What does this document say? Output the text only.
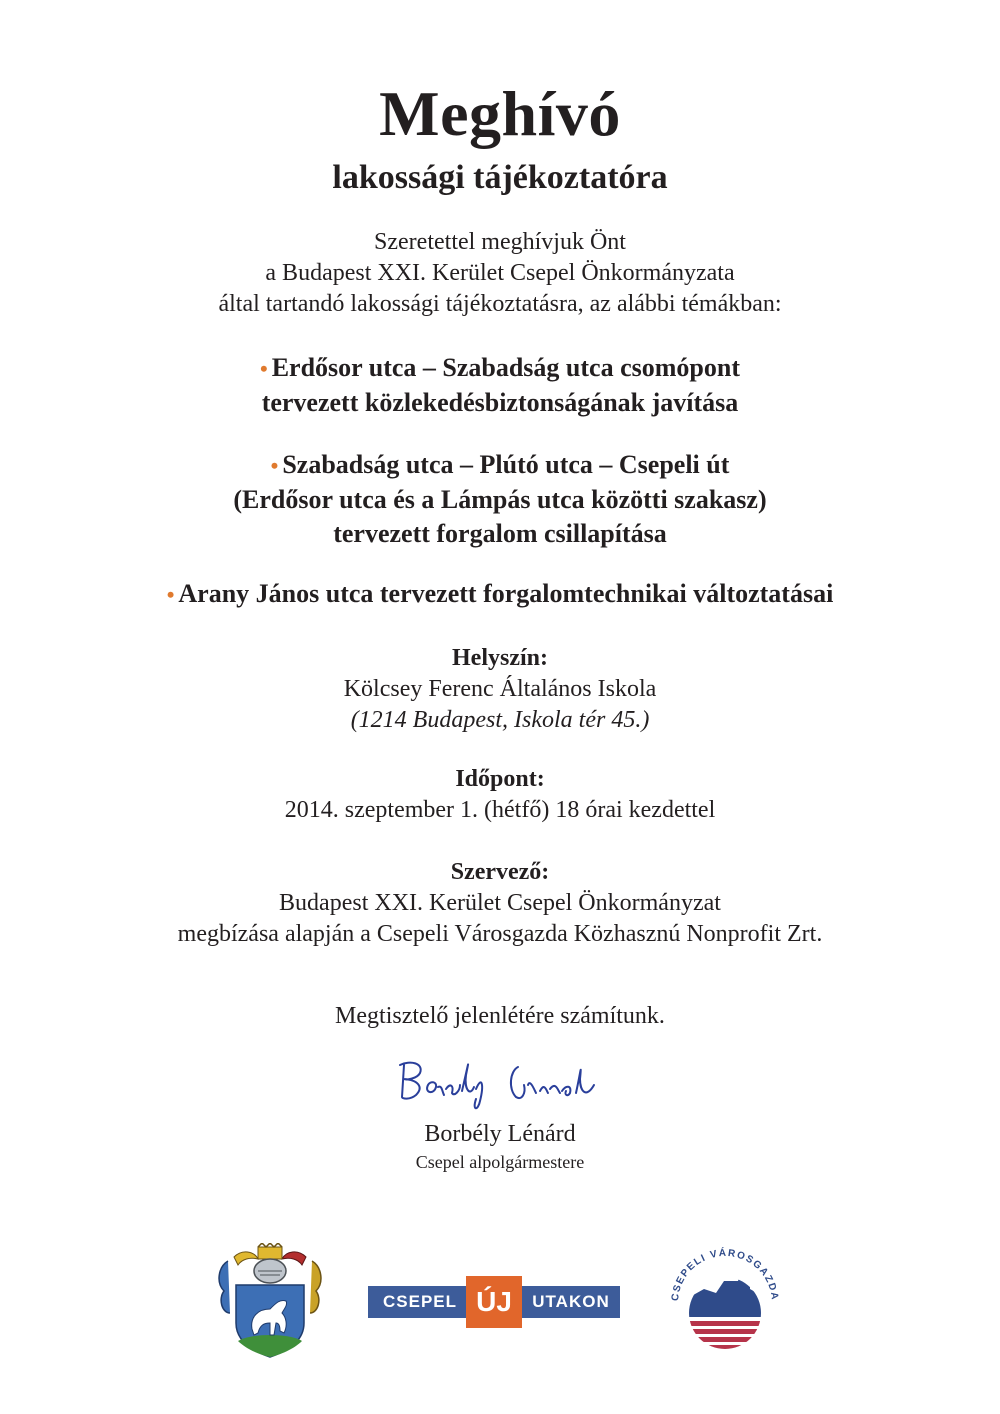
Meghívó
lakossági tájékoztatóra
Szeretettel meghívjuk Önt
a Budapest XXI. Kerület Csepel Önkormányzata
által tartandó lakossági tájékoztatásra, az alábbi témákban:
• Erdősor utca – Szabadság utca csomópont
tervezett közlekedésbiztonságának javítása
• Szabadság utca – Plútó utca – Csepeli út
(Erdősor utca és a Lámpás utca közötti szakasz)
tervezett forgalom csillapítása
• Arany János utca tervezett forgalomtechnikai változtatásai
Helyszín:
Kölcsey Ferenc Általános Iskola
(1214 Budapest, Iskola tér 45.)
Időpont:
2014. szeptember 1. (hétfő) 18 órai kezdettel
Szervező:
Budapest XXI. Kerület Csepel Önkormányzat
megbízása alapján a Csepeli Városgazda Közhasznú Nonprofit Zrt.
Megtisztelő jelenlétére számítunk.
Borbély Lénárd
Csepel alpolgármestere
CSEPEL ÚJ	UTAKON	CSEPELI VÁROSGAZDA
